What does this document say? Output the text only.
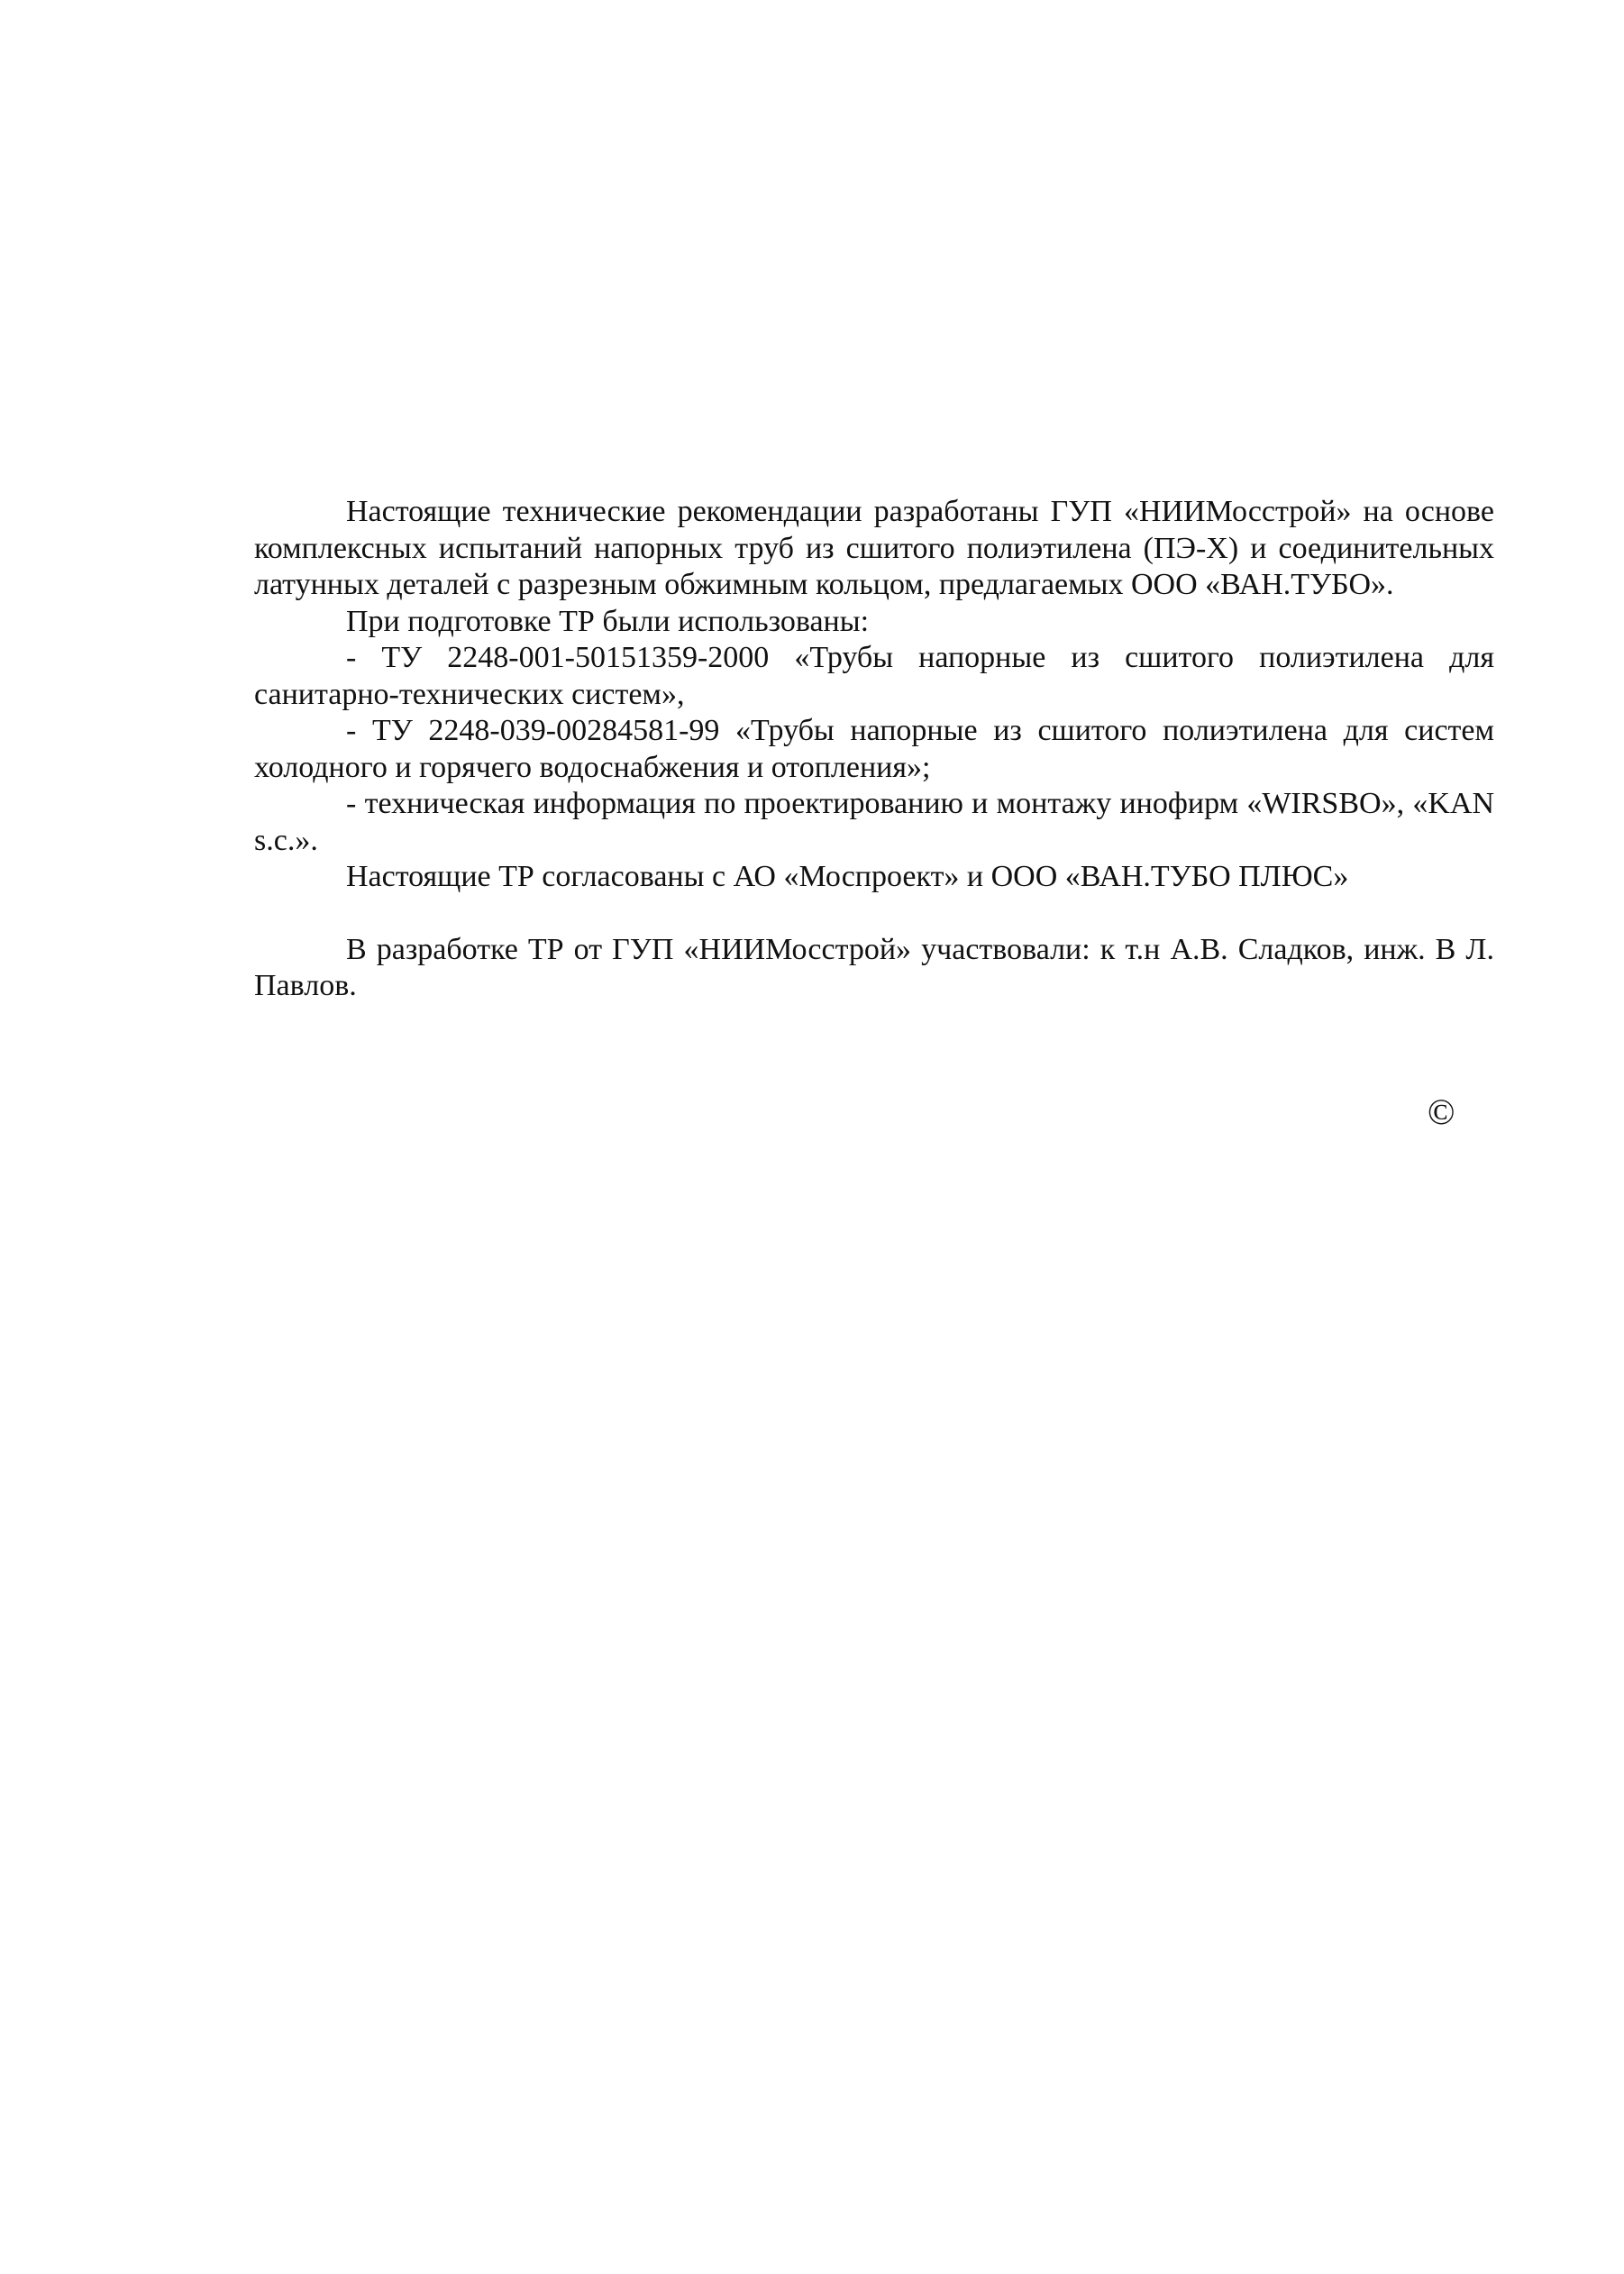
Настоящие технические рекомендации разработаны ГУП «НИИМосстрой» на основе комплексных испытаний напорных труб из сшитого полиэтилена (ПЭ-Х) и соединительных латунных деталей с разрезным обжимным кольцом, предлагаемых ООО «ВАН.ТУБО».

При подготовке ТР были использованы:

- ТУ 2248-001-50151359-2000 «Трубы напорные из сшитого полиэтилена для санитарно-технических систем»,

- ТУ 2248-039-00284581-99 «Трубы напорные из сшитого полиэтилена для систем холодного и горячего водоснабжения и отопления»;

- техническая информация по проектированию и монтажу инофирм «WIRSBO», «KAN s.c.».

Настоящие ТР согласованы с АО «Моспроект» и ООО «ВАН.ТУБО ПЛЮС»

В разработке ТР от ГУП «НИИМосстрой» участвовали: к т.н А.В. Сладков, инж. В Л. Павлов.

©
